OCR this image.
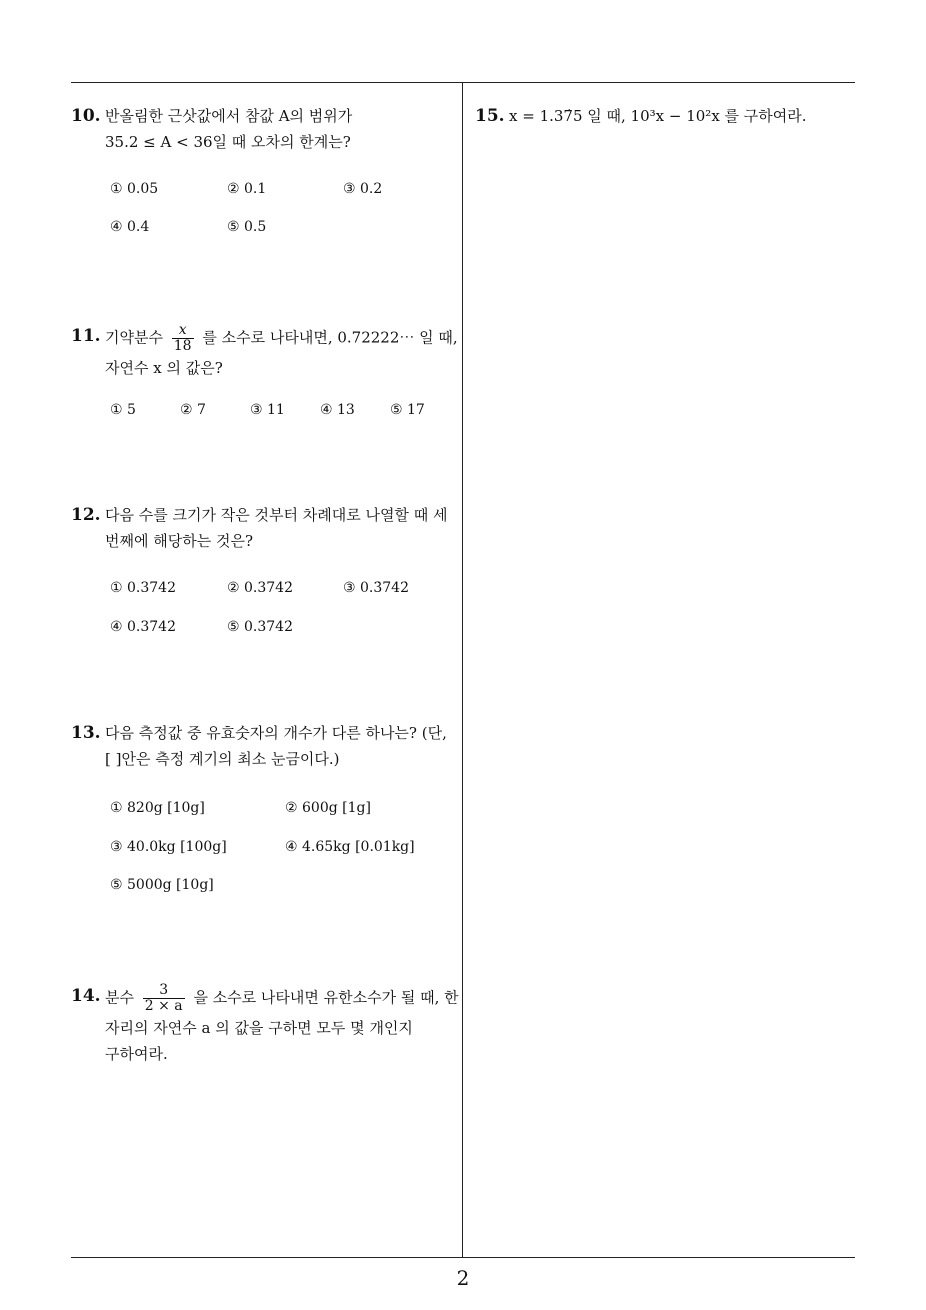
10. 반올림한 근삿값에서 참값 A의 범위가
35.2 ≤ A < 36일 때 오차의 한계는?
① 0.05	② 0.1	③ 0.2
④ 0.4	⑤ 0.5
11. 기약분수 $\frac{x}{18}$ 를 소수로 나타내면, 0.72222⋯ 일 때,
자연수 x 의 값은?
① 5	② 7	③ 11	④ 13	⑤ 17
12. 다음 수를 크기가 작은 것부터 차례대로 나열할 때 세
번째에 해당하는 것은?
① 0.3742	② 0.374̇2̇	③ 0.3̇742̇
④ 0.37̇42̇	⑤ 0.3742̇
13. 다음 측정값 중 유효숫자의 개수가 다른 하나는? (단,
[ ]안은 측정 계기의 최소 눈금이다.)
① 820g [10g]	② 600g [1g]
③ 40.0kg [100g]	④ 4.65kg [0.01kg]
⑤ 5000g [10g]
14. 분수 $\frac{3}{2 \times a}$ 을 소수로 나타내면 유한소수가 될 때, 한
자리의 자연수 a 의 값을 구하면 모두 몇 개인지
구하여라.
15. x = 1.37̇5 일 때, 10³x − 10²x 를 구하여라.
2
